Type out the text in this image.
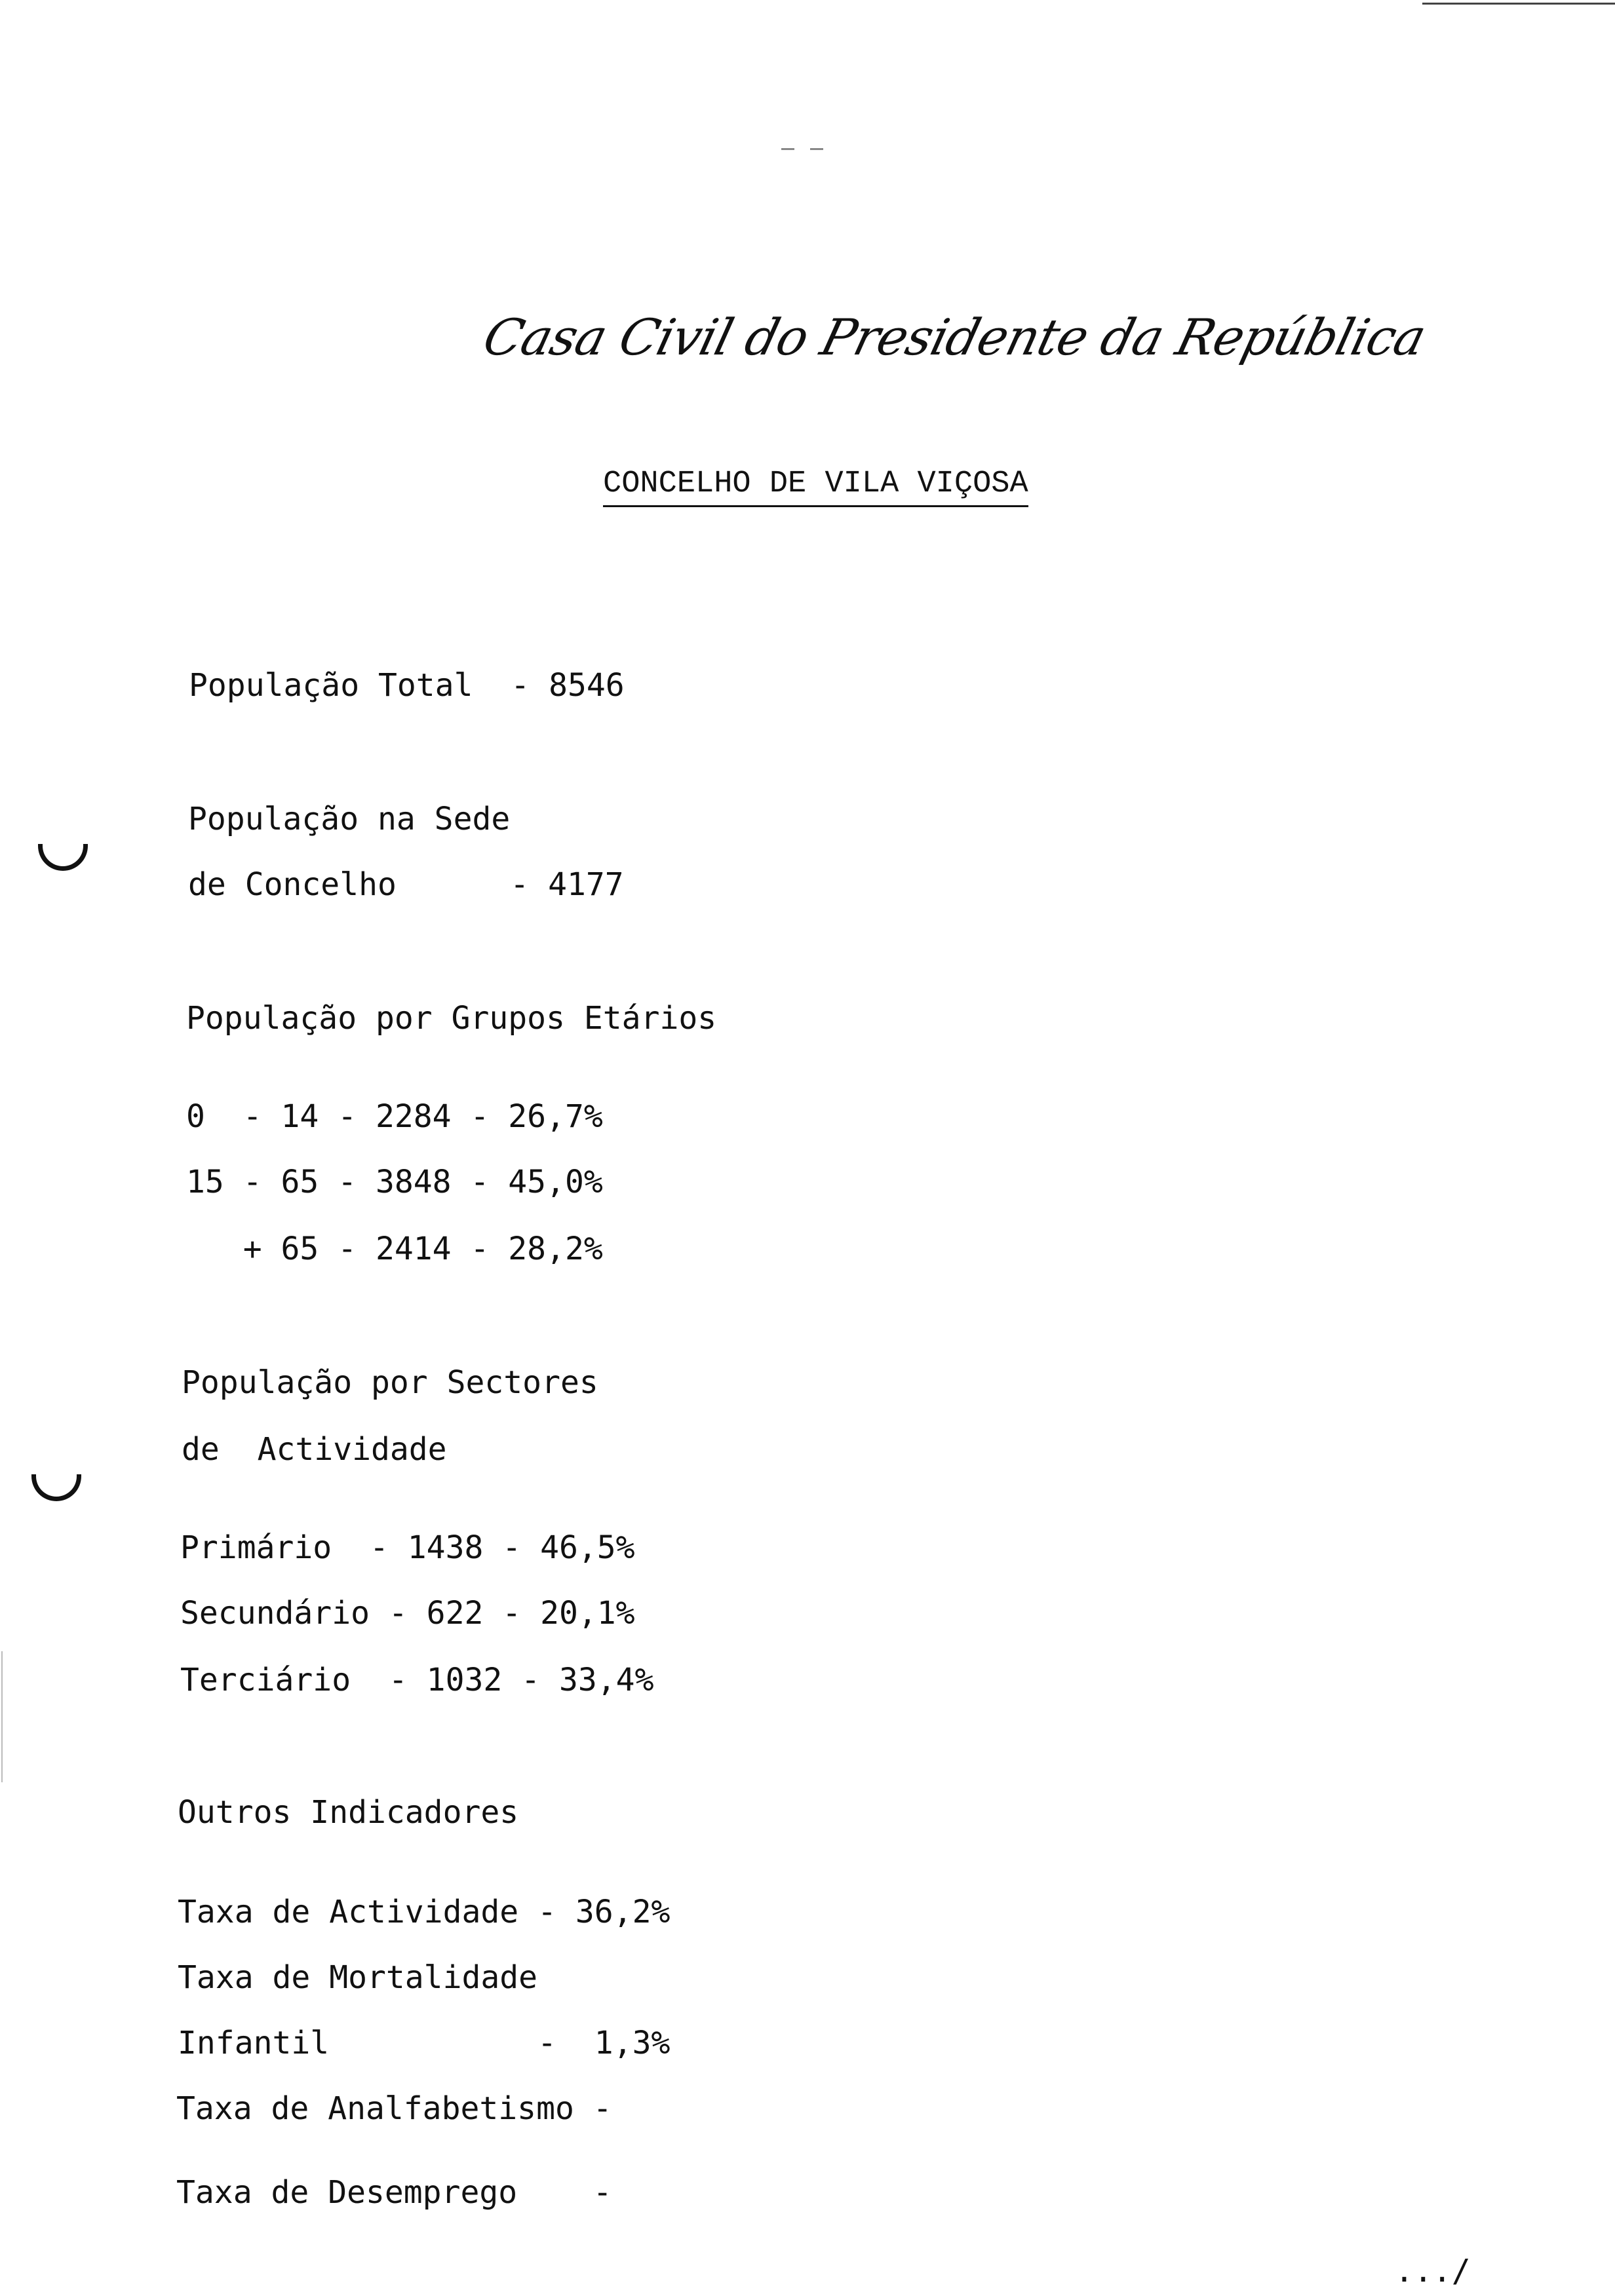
Casa Civil do Presidente da República
CONCELHO DE VILA VIÇOSA
População Total  - 8546
População na Sede
de Concelho      - 4177
População por Grupos Etários
0  - 14 - 2284 - 26,7%
15 - 65 - 3848 - 45,0%
+ 65 - 2414 - 28,2%
População por Sectores
de  Actividade
Primário  - 1438 - 46,5%
Secundário - 622 - 20,1%
Terciário  - 1032 - 33,4%
Outros Indicadores
Taxa de Actividade - 36,2%
Taxa de Mortalidade
Infantil           -  1,3%
Taxa de Analfabetismo -
Taxa de Desemprego    -
.../
